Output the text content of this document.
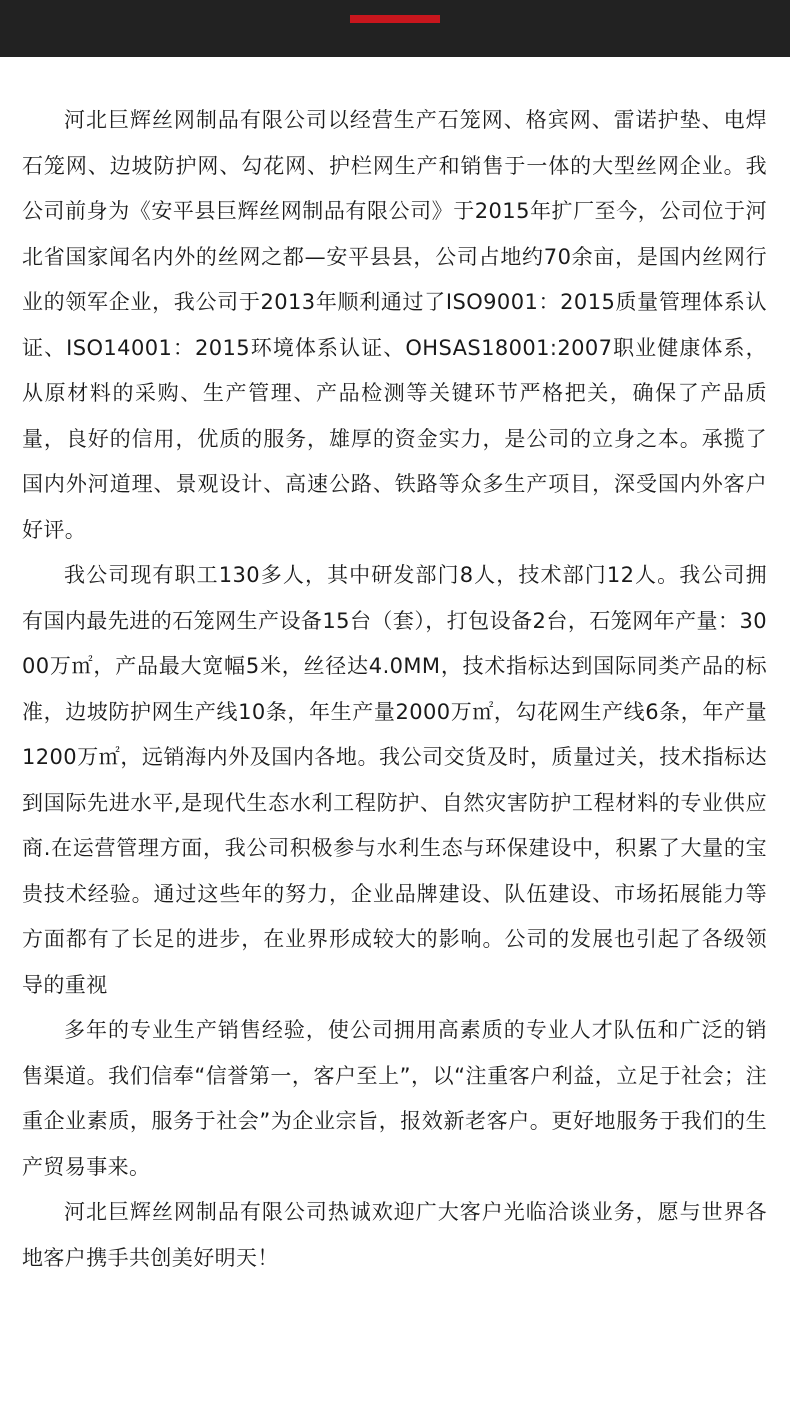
河北巨辉丝网制品有限公司以经营生产石笼网、格宾网、雷诺护垫、电焊石笼网、边坡防护网、勾花网、护栏网生产和销售于一体的大型丝网企业。我公司前身为《安平县巨辉丝网制品有限公司》于2015年扩厂至今，公司位于河北省国家闻名内外的丝网之都—安平县县，公司占地约70余亩，是国内丝网行业的领军企业，我公司于2013年顺利通过了ISO9001：2015质量管理体系认证、ISO14001：2015环境体系认证、OHSAS18001:2007职业健康体系，从原材料的采购、生产管理、产品检测等关键环节严格把关，确保了产品质量，良好的信用，优质的服务，雄厚的资金实力，是公司的立身之本。承揽了国内外河道理、景观设计、高速公路、铁路等众多生产项目，深受国内外客户好评。

我公司现有职工130多人，其中研发部门8人，技术部门12人。我公司拥有国内最先进的石笼网生产设备15台（套），打包设备2台，石笼网年产量：3000万㎡，产品最大宽幅5米，丝径达4.0MM，技术指标达到国际同类产品的标准，边坡防护网生产线10条，年生产量2000万㎡，勾花网生产线6条，年产量1200万㎡，远销海内外及国内各地。我公司交货及时，质量过关，技术指标达到国际先进水平,是现代生态水利工程防护、自然灾害防护工程材料的专业供应商.在运营管理方面，我公司积极参与水利生态与环保建设中，积累了大量的宝贵技术经验。通过这些年的努力，企业品牌建设、队伍建设、市场拓展能力等方面都有了长足的进步，在业界形成较大的影响。公司的发展也引起了各级领导的重视

多年的专业生产销售经验，使公司拥用高素质的专业人才队伍和广泛的销售渠道。我们信奉“信誉第一，客户至上”，以“注重客户利益，立足于社会；注重企业素质，服务于社会”为企业宗旨，报效新老客户。更好地服务于我们的生产贸易事来。

河北巨辉丝网制品有限公司热诚欢迎广大客户光临洽谈业务，愿与世界各地客户携手共创美好明天！
